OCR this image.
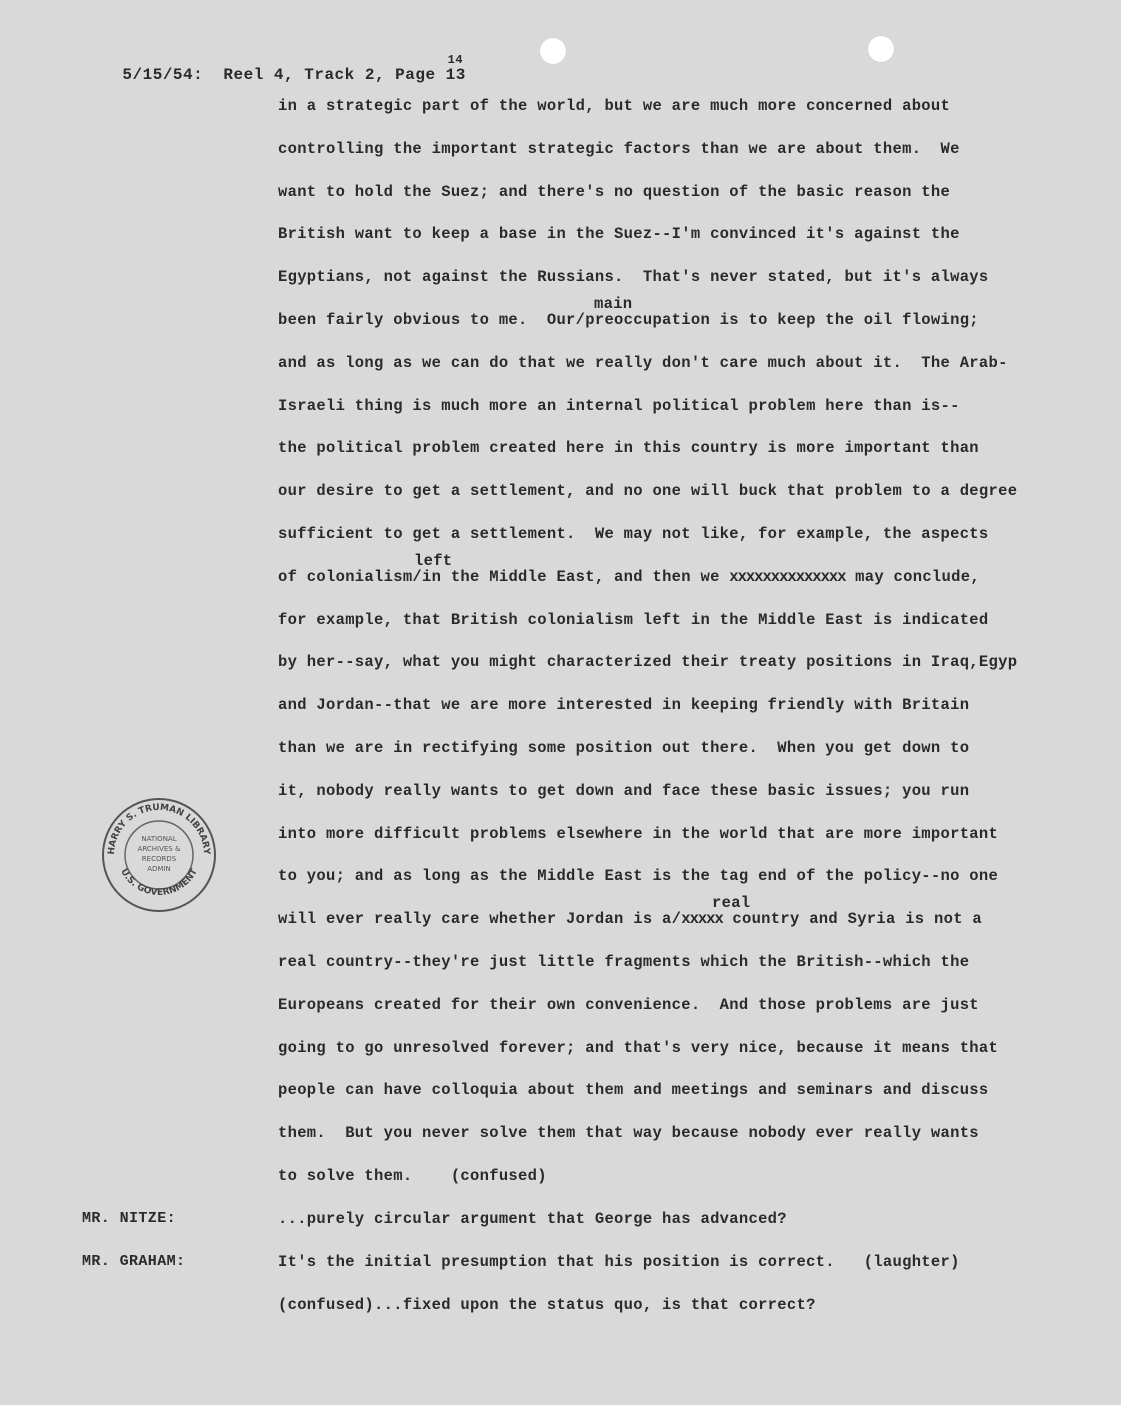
5/15/54: Reel 4, Track 2, Page
14
13

in a strategic part of the world, but we are much more concerned about
controlling the important strategic factors than we are about them.  We
want to hold the Suez; and there's no question of the basic reason the
British want to keep a base in the Suez--I'm convinced it's against the
Egyptians, not against the Russians.  That's never stated, but it's always
main
been fairly obvious to me.  Our/preoccupation is to keep the oil flowing;
and as long as we can do that we really don't care much about it.  The Arab-
Israeli thing is much more an internal political problem here than is--
the political problem created here in this country is more important than
our desire to get a settlement, and no one will buck that problem to a degree
sufficient to get a settlement.  We may not like, for example, the aspects
left
of colonialism/in the Middle East, and then we xxxxxxxxxxxxxx may conclude,
for example, that British colonialism left in the Middle East is indicated
by her--say, what you might characterized their treaty positions in Iraq,Egyp
and Jordan--that we are more interested in keeping friendly with Britain
than we are in rectifying some position out there.  When you get down to
it, nobody really wants to get down and face these basic issues; you run
into more difficult problems elsewhere in the world that are more important
to you; and as long as the Middle East is the tag end of the policy--no one
real
will ever really care whether Jordan is a/xxxxx country and Syria is not a
real country--they're just little fragments which the British--which the
Europeans created for their own convenience.  And those problems are just
going to go unresolved forever; and that's very nice, because it means that
people can have colloquia about them and meetings and seminars and discuss
them.  But you never solve them that way because nobody ever really wants
to solve them.    (confused)
MR. NITZE:	...purely circular argument that George has advanced?
MR. GRAHAM:	It's the initial presumption that his position is correct.   (laughter)
(confused)...fixed upon the status quo, is that correct?
HARRY S. TRUMAN LIBRARY
U.S. GOVERNMENT
NATIONAL
ARCHIVES &
RECORDS
ADMIN
